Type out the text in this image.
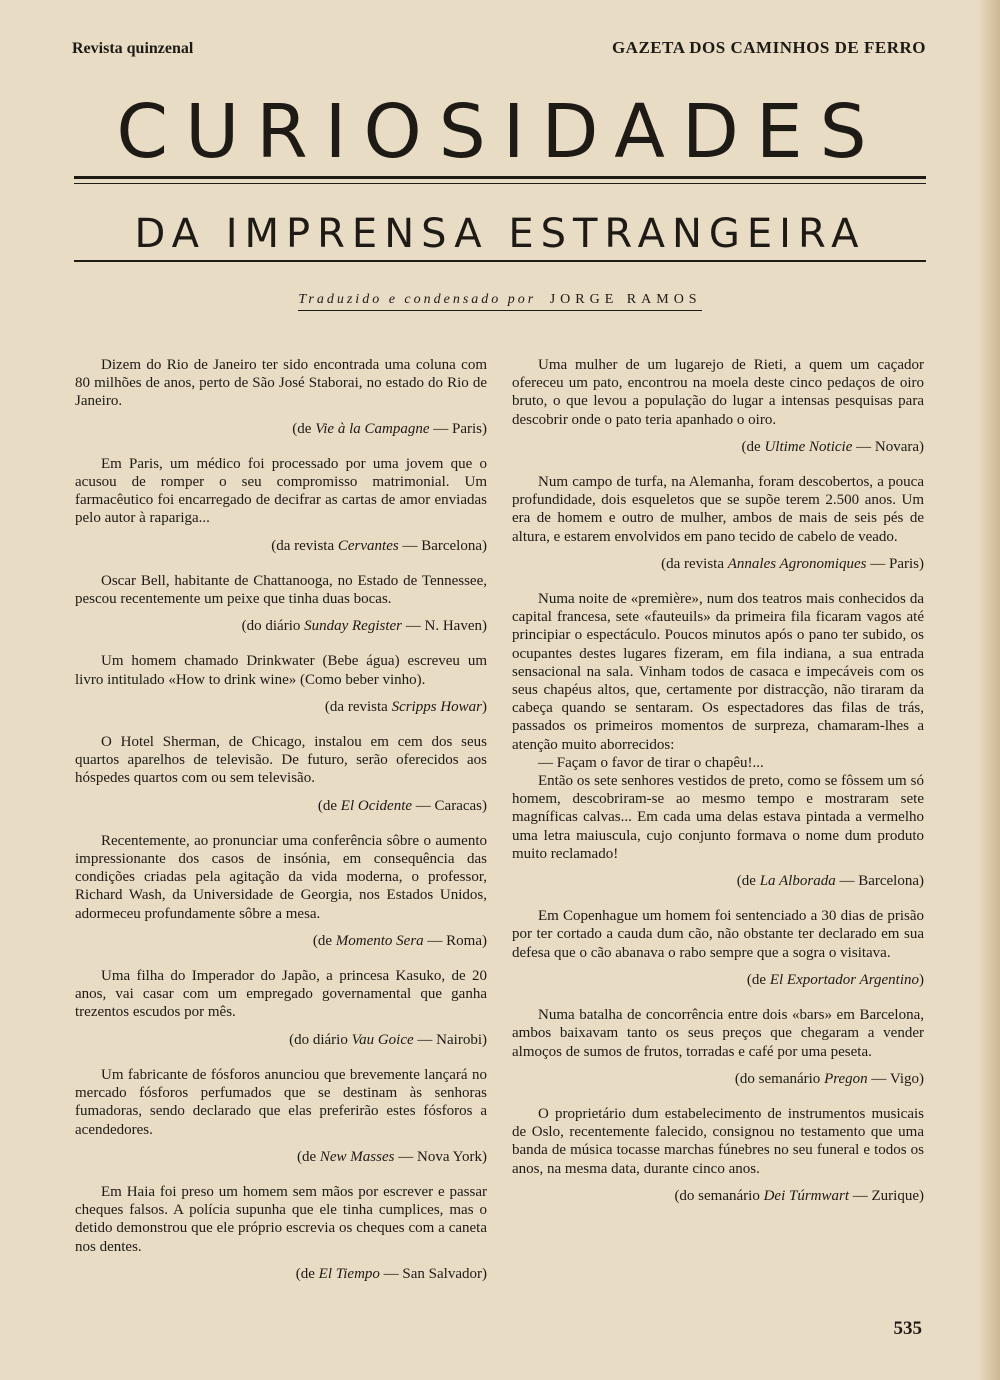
Revista quinzenal	GAZETA DOS CAMINHOS DE FERRO
CURIOSIDADES
DA IMPRENSA ESTRANGEIRA
Traduzido e condensado por JORGE RAMOS

Dizem do Rio de Janeiro ter sido encontrada uma coluna com 80 milhões de anos, perto de São José Staborai, no estado do Rio de Janeiro.

(de Vie à la Campagne — Paris)

Em Paris, um médico foi processado por uma jovem que o acusou de romper o seu compromisso matrimonial. Um farmacêutico foi encarregado de decifrar as cartas de amor enviadas pelo autor à rapariga...

(da revista Cervantes — Barcelona)

Oscar Bell, habitante de Chattanooga, no Estado de Tennessee, pescou recentemente um peixe que tinha duas bocas.

(do diário Sunday Register — N. Haven)

Um homem chamado Drinkwater (Bebe água) escreveu um livro intitulado «How to drink wine» (Como beber vinho).

(da revista Scripps Howar)

O Hotel Sherman, de Chicago, instalou em cem dos seus quartos aparelhos de televisão. De futuro, serão oferecidos aos hóspedes quartos com ou sem televisão.

(de El Ocidente — Caracas)

Recentemente, ao pronunciar uma conferência sôbre o aumento impressionante dos casos de insónia, em consequência das condições criadas pela agitação da vida moderna, o professor, Richard Wash, da Universidade de Georgia, nos Estados Unidos, adormeceu profundamente sôbre a mesa.

(de Momento Sera — Roma)

Uma filha do Imperador do Japão, a princesa Kasuko, de 20 anos, vai casar com um empregado governamental que ganha trezentos escudos por mês.

(do diário Vau Goice — Nairobi)

Um fabricante de fósforos anunciou que brevemente lançará no mercado fósforos perfumados que se destinam às senhoras fumadoras, sendo declarado que elas preferirão estes fósforos a acendedores.

(de New Masses — Nova York)

Em Haia foi preso um homem sem mãos por escrever e passar cheques falsos. A polícia supunha que ele tinha cumplices, mas o detido demonstrou que ele próprio escrevia os cheques com a caneta nos dentes.

(de El Tiempo — San Salvador)

Uma mulher de um lugarejo de Rieti, a quem um caçador ofereceu um pato, encontrou na moela deste cinco pedaços de oiro bruto, o que levou a população do lugar a intensas pesquisas para descobrir onde o pato teria apanhado o oiro.

(de Ultime Noticie — Novara)

Num campo de turfa, na Alemanha, foram descobertos, a pouca profundidade, dois esqueletos que se supõe terem 2.500 anos. Um era de homem e outro de mulher, ambos de mais de seis pés de altura, e estarem envolvidos em pano tecido de cabelo de veado.

(da revista Annales Agronomiques — Paris)

Numa noite de «première», num dos teatros mais conhecidos da capital francesa, sete «fauteuils» da primeira fila ficaram vagos até principiar o espectáculo. Poucos minutos após o pano ter subido, os ocupantes destes lugares fizeram, em fila indiana, a sua entrada sensacional na sala. Vinham todos de casaca e impecáveis com os seus chapéus altos, que, certamente por distracção, não tiraram da cabeça quando se sentaram. Os espectadores das filas de trás, passados os primeiros momentos de surpreza, chamaram-lhes a atenção muito aborrecidos:

— Façam o favor de tirar o chapêu!...

Então os sete senhores vestidos de preto, como se fôssem um só homem, descobriram-se ao mesmo tempo e mostraram sete magníficas calvas... Em cada uma delas estava pintada a vermelho uma letra maiuscula, cujo conjunto formava o nome dum produto muito reclamado!

(de La Alborada — Barcelona)

Em Copenhague um homem foi sentenciado a 30 dias de prisão por ter cortado a cauda dum cão, não obstante ter declarado em sua defesa que o cão abanava o rabo sempre que a sogra o visitava.

(de El Exportador Argentino)

Numa batalha de concorrência entre dois «bars» em Barcelona, ambos baixavam tanto os seus preços que chegaram a vender almoços de sumos de frutos, torradas e café por uma peseta.

(do semanário Pregon — Vigo)

O proprietário dum estabelecimento de instrumentos musicais de Oslo, recentemente falecido, consignou no testamento que uma banda de música tocasse marchas fúnebres no seu funeral e todos os anos, na mesma data, durante cinco anos.

(do semanário Dei Túrmwart — Zurique)
535
